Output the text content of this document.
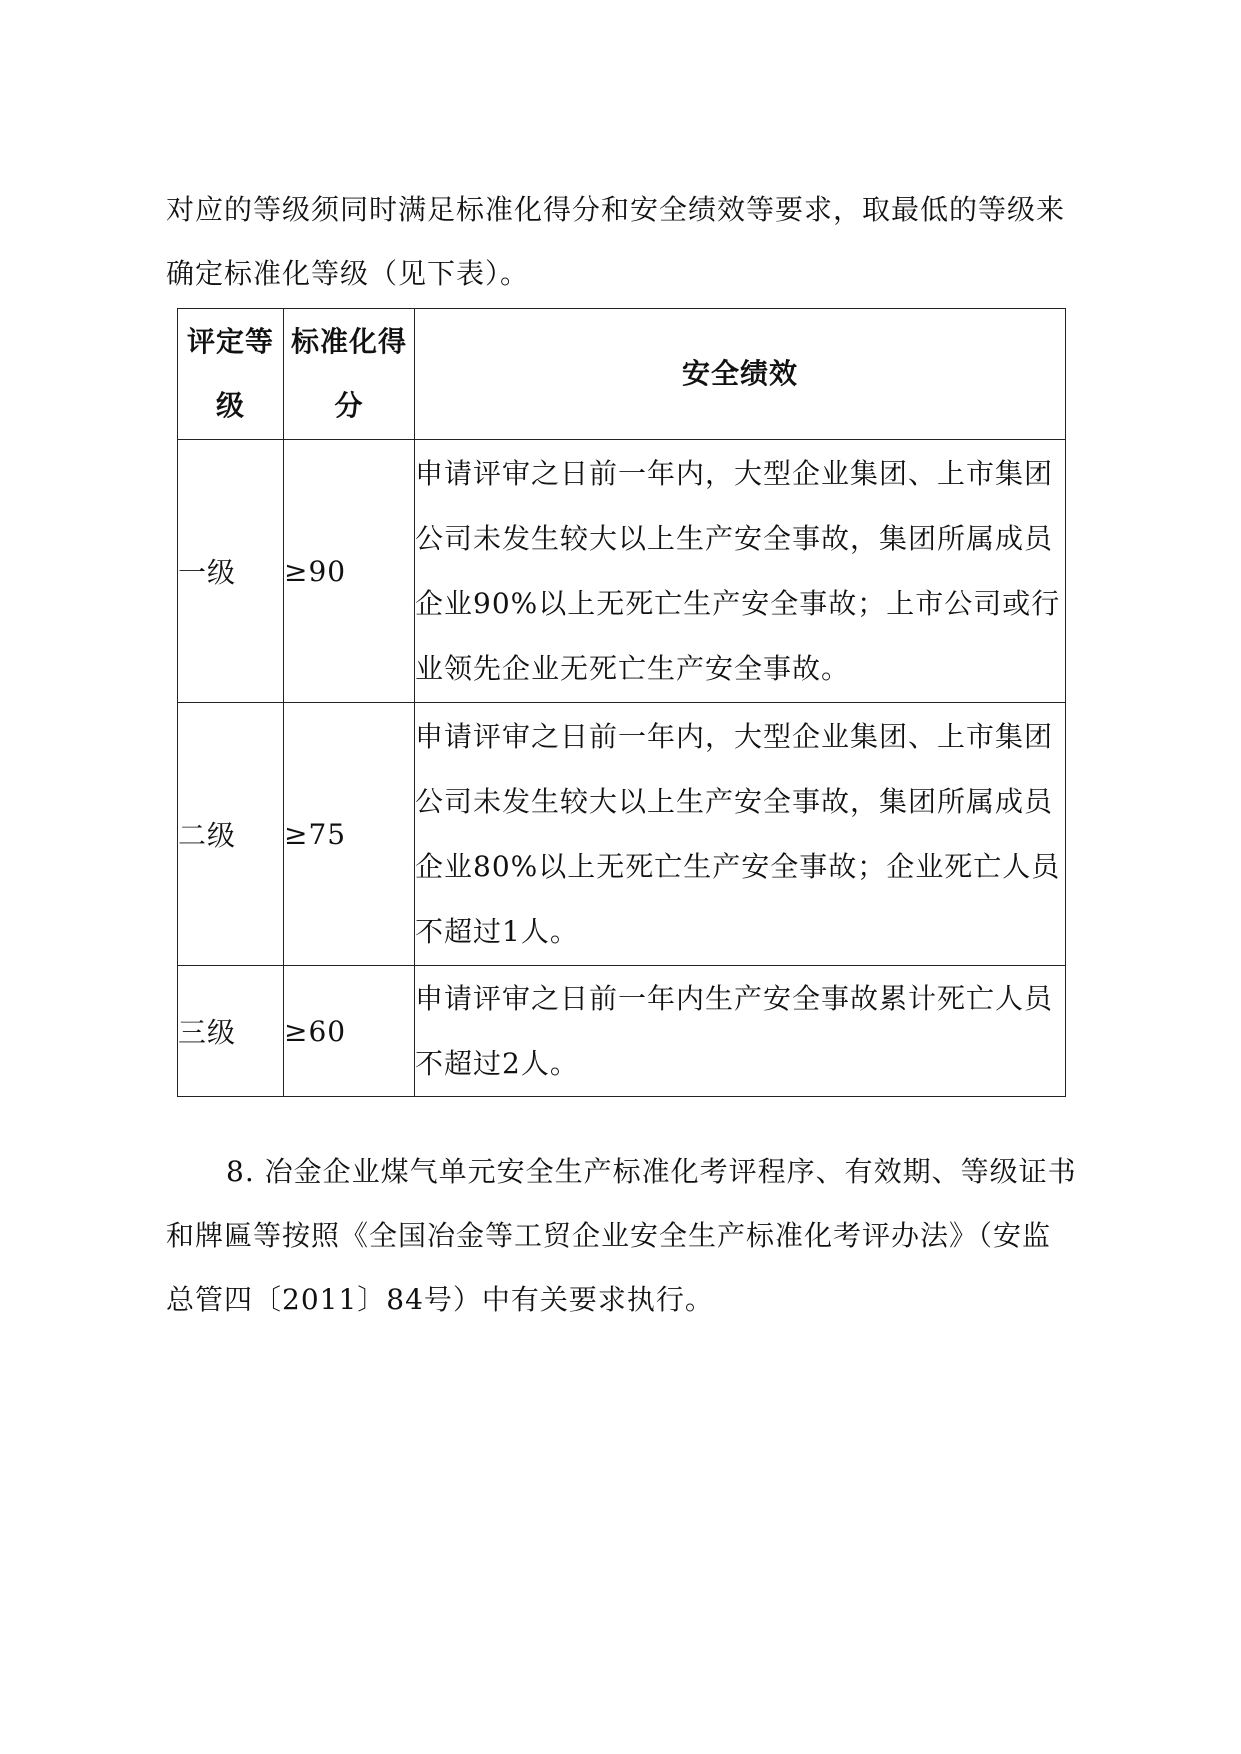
对应的等级须同时满足标准化得分和安全绩效等要求，取最低的等级来确定标准化等级（见下表）。

评定等级	标准化得分	安全绩效
一级	≥90	申请评审之日前一年内，大型企业集团、上市集团公司未发生较大以上生产安全事故，集团所属成员企业90%以上无死亡生产安全事故；上市公司或行业领先企业无死亡生产安全事故。
二级	≥75	申请评审之日前一年内，大型企业集团、上市集团公司未发生较大以上生产安全事故，集团所属成员企业80%以上无死亡生产安全事故；企业死亡人员不超过1人。
三级	≥60	申请评审之日前一年内生产安全事故累计死亡人员不超过2人。

8. 冶金企业煤气单元安全生产标准化考评程序、有效期、等级证书和牌匾等按照《全国冶金等工贸企业安全生产标准化考评办法》（安监总管四〔2011〕84号）中有关要求执行。
